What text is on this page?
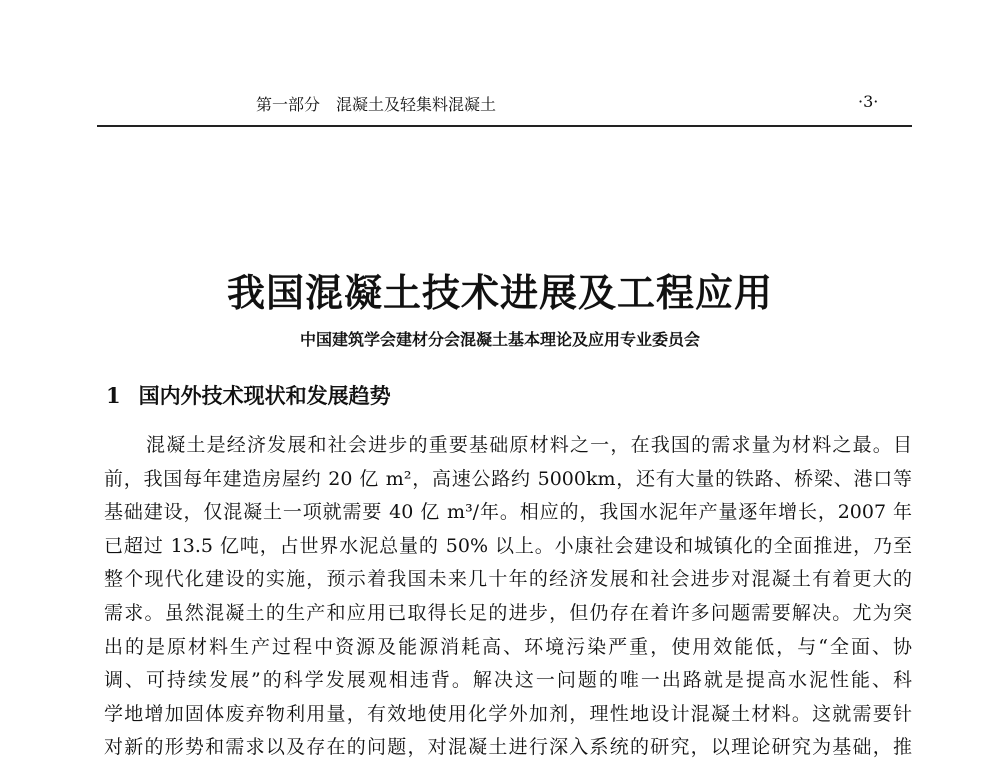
第一部分　混凝土及轻集料混凝土	·3·
我国混凝土技术进展及工程应用
中国建筑学会建材分会混凝土基本理论及应用专业委员会
1 国内外技术现状和发展趋势
混凝土是经济发展和社会进步的重要基础原材料之一，在我国的需求量为材料之最。目
前，我国每年建造房屋约 20 亿 m²，高速公路约 5000km，还有大量的铁路、桥梁、港口等
基础建设，仅混凝土一项就需要 40 亿 m³/年。相应的，我国水泥年产量逐年增长，2007 年
已超过 13.5 亿吨，占世界水泥总量的 50% 以上。小康社会建设和城镇化的全面推进，乃至
整个现代化建设的实施，预示着我国未来几十年的经济发展和社会进步对混凝土有着更大的
需求。虽然混凝土的生产和应用已取得长足的进步，但仍存在着许多问题需要解决。尤为突
出的是原材料生产过程中资源及能源消耗高、环境污染严重，使用效能低，与“全面、协
调、可持续发展”的科学发展观相违背。解决这一问题的唯一出路就是提高水泥性能、科
学地增加固体废弃物利用量，有效地使用化学外加剂，理性地设计混凝土材料。这就需要针
对新的形势和需求以及存在的问题，对混凝土进行深入系统的研究，以理论研究为基础，推
